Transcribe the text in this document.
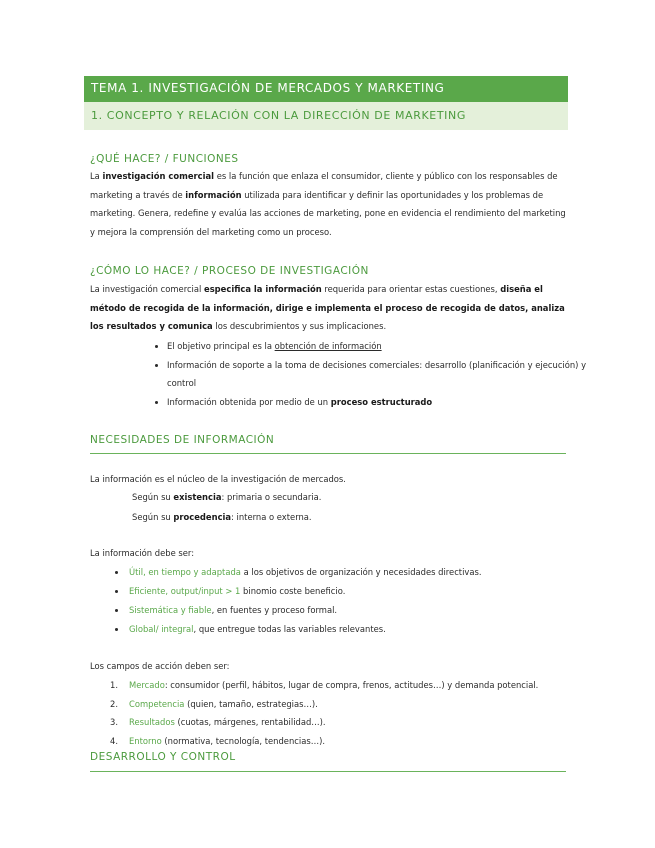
TEMA 1. INVESTIGACIÓN DE MERCADOS Y MARKETING
1. CONCEPTO Y RELACIÓN CON LA DIRECCIÓN DE MARKETING
¿QUÉ HACE? / FUNCIONES

La investigación comercial es la función que enlaza el consumidor, cliente y público con los responsables de marketing a través de información utilizada para identificar y definir las oportunidades y los problemas de marketing. Genera, redefine y evalúa las acciones de marketing, pone en evidencia el rendimiento del marketing y mejora la comprensión del marketing como un proceso.

¿CÓMO LO HACE? / PROCESO DE INVESTIGACIÓN

La investigación comercial especifica la información requerida para orientar estas cuestiones, diseña el método de recogida de la información, dirige e implementa el proceso de recogida de datos, analiza los resultados y comunica los descubrimientos y sus implicaciones.

El objetivo principal es la obtención de información
Información de soporte a la toma de decisiones comerciales: desarrollo (planificación y ejecución) y
control
Información obtenida por medio de un proceso estructurado
NECESIDADES DE INFORMACIÓN
La información es el núcleo de la investigación de mercados.
Según su existencia: primaria o secundaria.
Según su procedencia: interna o externa.
La información debe ser:
Útil, en tiempo y adaptada a los objetivos de organización y necesidades directivas.
Eficiente, output/input > 1 binomio coste beneficio.
Sistemática y fiable, en fuentes y proceso formal.
Global/ integral, que entregue todas las variables relevantes.
Los campos de acción deben ser:
1. Mercado: consumidor (perfil, hábitos, lugar de compra, frenos, actitudes…) y demanda potencial.
2. Competencia (quien, tamaño, estrategias…).
3. Resultados (cuotas, márgenes, rentabilidad…).
4. Entorno (normativa, tecnología, tendencias…).
DESARROLLO Y CONTROL
